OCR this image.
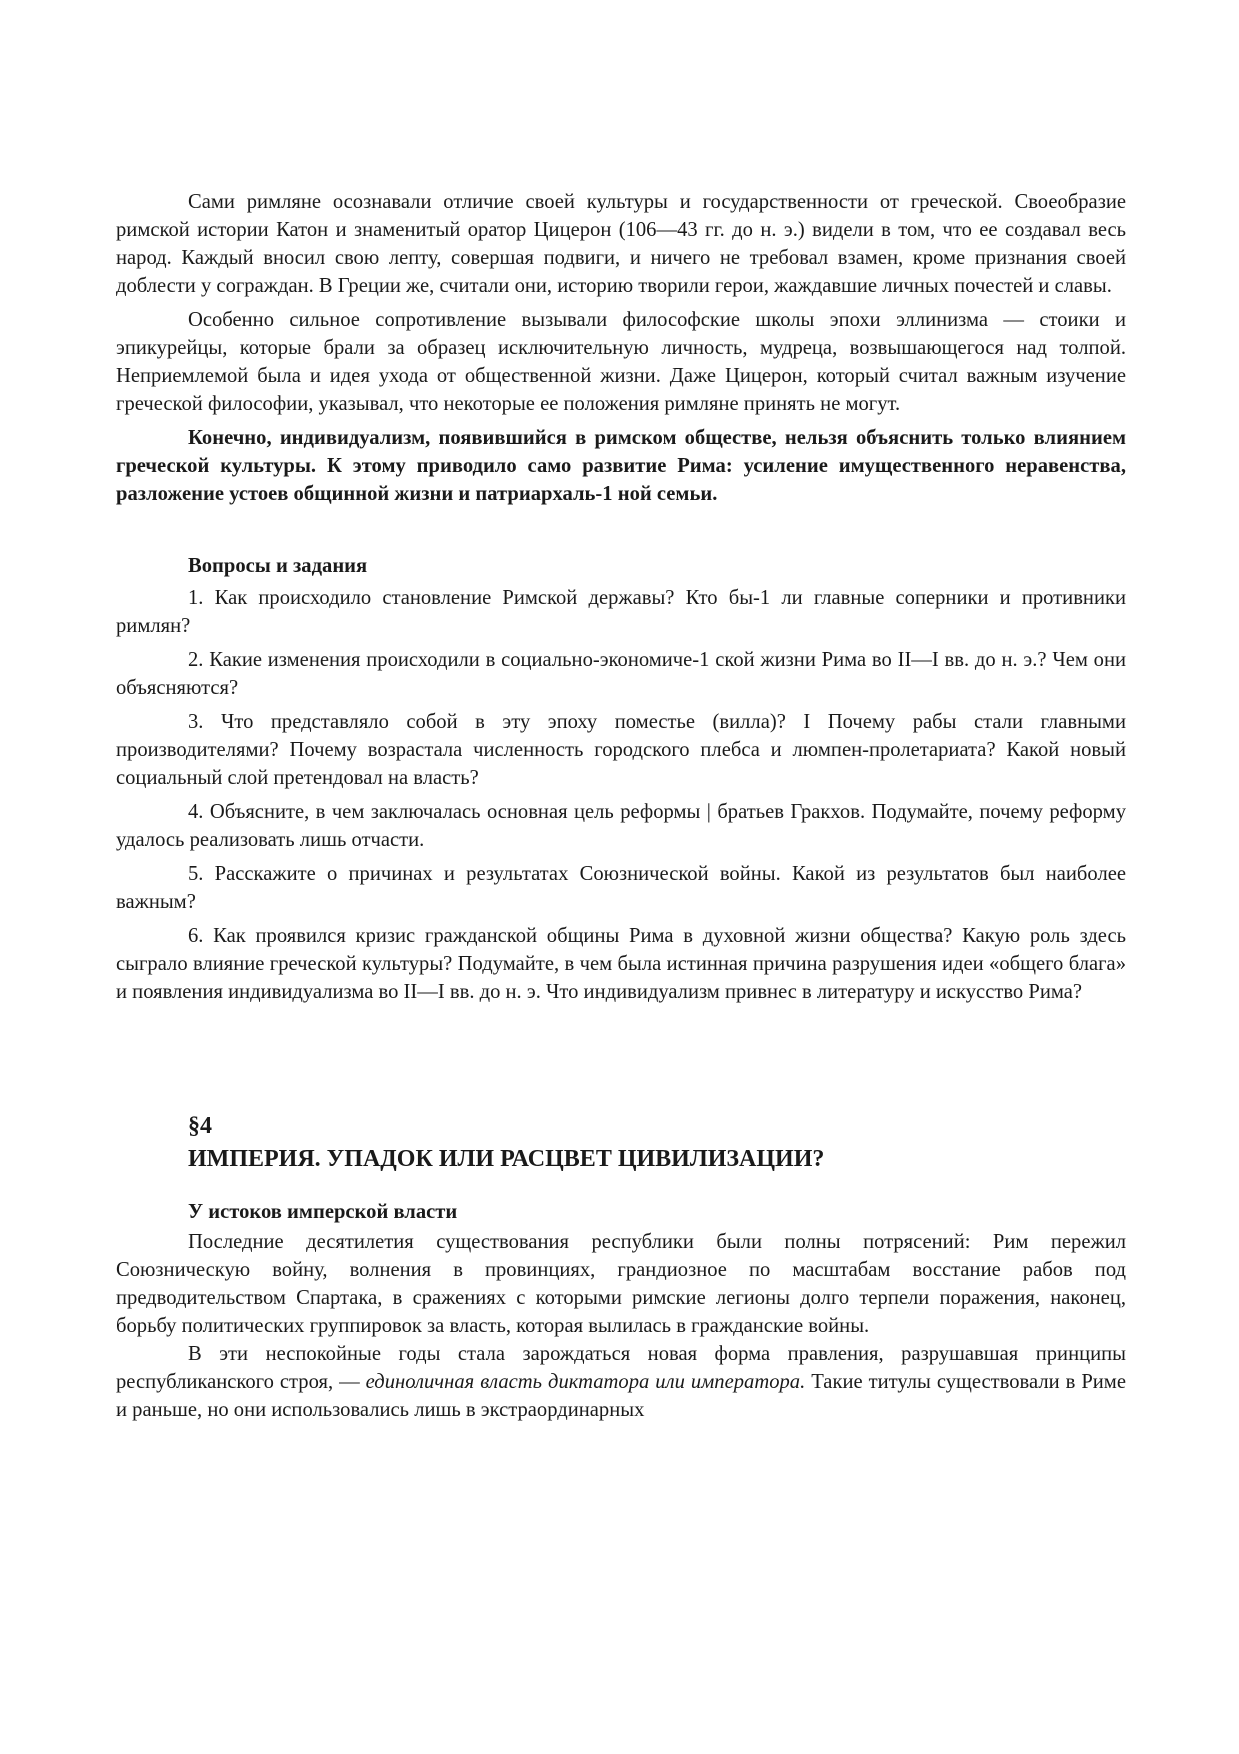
Сами римляне осознавали отличие своей культуры и государственности от греческой. Своеобразие римской истории Катон и знаменитый оратор Цицерон (106—43 гг. до н. э.) видели в том, что ее создавал весь народ. Каждый вносил свою лепту, совершая подвиги, и ничего не требовал взамен, кроме признания своей доблести у сограждан. В Греции же, считали они, историю творили герои, жаждавшие личных почестей и славы.

Особенно сильное сопротивление вызывали философские школы эпохи эллинизма — стоики и эпикурейцы, которые брали за образец исключительную личность, мудреца, возвышающегося над толпой. Неприемлемой была и идея ухода от общественной жизни. Даже Цицерон, который считал важным изучение греческой философии, указывал, что некоторые ее положения римляне принять не могут.

Конечно, индивидуализм, появившийся в римском обществе, нельзя объяснить только влиянием греческой культуры. К этому приводило само развитие Рима: усиление имущественного неравенства, разложение устоев общинной жизни и патриархаль-1 ной семьи.

Вопросы и задания

1. Как происходило становление Римской державы? Кто бы-1 ли главные соперники и противники римлян?

2. Какие изменения происходили в социально-экономиче-1 ской жизни Рима во II—I вв. до н. э.? Чем они объясняются?

3. Что представляло собой в эту эпоху поместье (вилла)? I Почему рабы стали главными производителями? Почему возрастала численность городского плебса и люмпен-пролетариата? Какой новый социальный слой претендовал на власть?

4. Объясните, в чем заключалась основная цель реформы | братьев Гракхов. Подумайте, почему реформу удалось реализовать лишь отчасти.

5. Расскажите о причинах и результатах Союзнической войны. Какой из результатов был наиболее важным?

6. Как проявился кризис гражданской общины Рима в духовной жизни общества? Какую роль здесь сыграло влияние греческой культуры? Подумайте, в чем была истинная причина разрушения идеи «общего блага» и появления индивидуализма во II—I вв. до н. э. Что индивидуализм привнес в литературу и искусство Рима?

§4

ИМПЕРИЯ. УПАДОК ИЛИ РАСЦВЕТ ЦИВИЛИЗАЦИИ?

У истоков имперской власти

Последние десятилетия существования республики были полны потрясений: Рим пережил Союзническую войну, волнения в провинциях, грандиозное по масштабам восстание рабов под предводительством Спартака, в сражениях с которыми римские легионы долго терпели поражения, наконец, борьбу политических группировок за власть, которая вылилась в гражданские войны.

В эти неспокойные годы стала зарождаться новая форма правления, разрушавшая принципы республиканского строя, — единоличная власть диктатора или императора. Такие титулы существовали в Риме и раньше, но они использовались лишь в экстраординарных
